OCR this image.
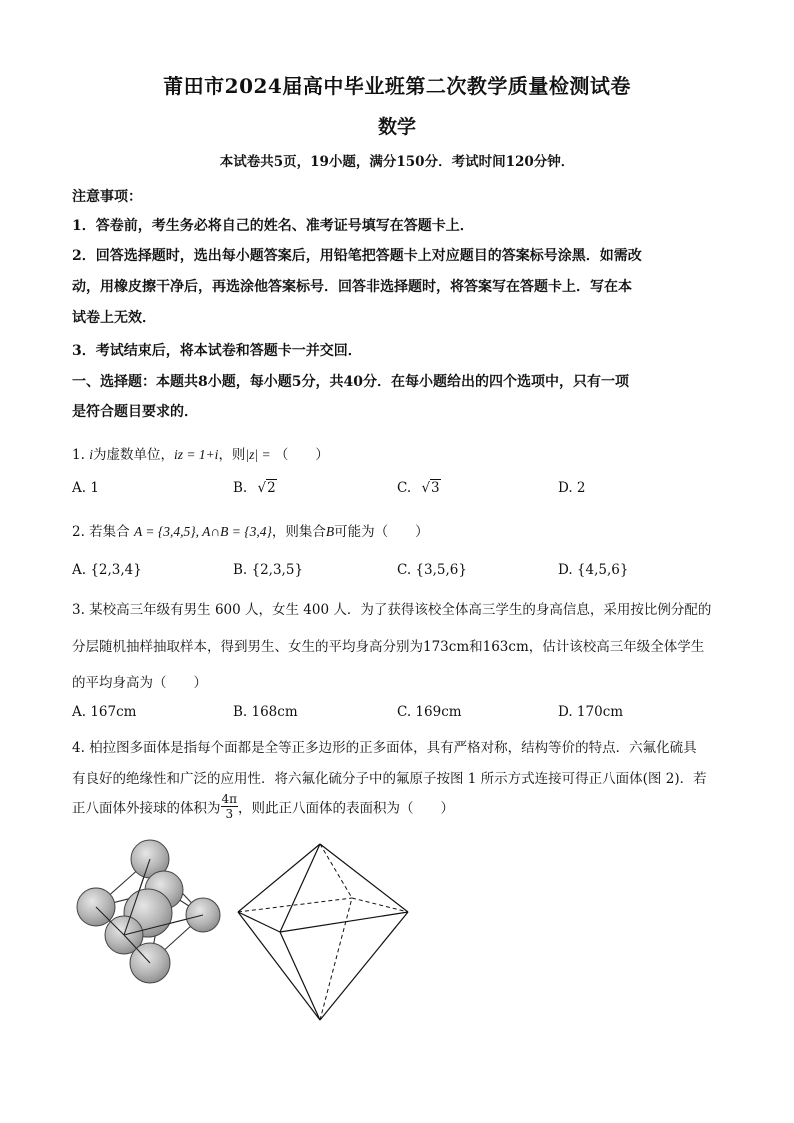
莆田市2024届高中毕业班第二次教学质量检测试卷
数学
本试卷共5页，19小题，满分150分．考试时间120分钟．
注意事项：
1．答卷前，考生务必将自己的姓名、准考证号填写在答题卡上．
2．回答选择题时，选出每小题答案后，用铅笔把答题卡上对应题目的答案标号涂黑．如需改
动，用橡皮擦干净后，再选涂他答案标号．回答非选择题时，将答案写在答题卡上．写在本
试卷上无效．
3．考试结束后，将本试卷和答题卡一并交回．
一、选择题：本题共8小题，每小题5分，共40分．在每小题给出的四个选项中，只有一项
是符合题目要求的．
1. i为虚数单位，iz = 1+i，则|z| = （　　）
A. 1	B. √2	C. √3	D. 2
2. 若集合 A = {3,4,5}, A∩B = {3,4}，则集合B可能为（　　）
A. {2,3,4}	B. {2,3,5}	C. {3,5,6}	D. {4,5,6}
3. 某校高三年级有男生 600 人，女生 400 人．为了获得该校全体高三学生的身高信息，采用按比例分配的
分层随机抽样抽取样本，得到男生、女生的平均身高分别为173cm和163cm，估计该校高三年级全体学生
的平均身高为（　　）
A. 167cm	B. 168cm	C. 169cm	D. 170cm
4. 柏拉图多面体是指每个面都是全等正多边形的正多面体，具有严格对称，结构等价的特点．六氟化硫具
有良好的绝缘性和广泛的应用性．将六氟化硫分子中的氟原子按图 1 所示方式连接可得正八面体(图 2)．若
正八面体外接球的体积为 $\frac{4\pi}{3}$ ，则此正八面体的表面积为（　　）
